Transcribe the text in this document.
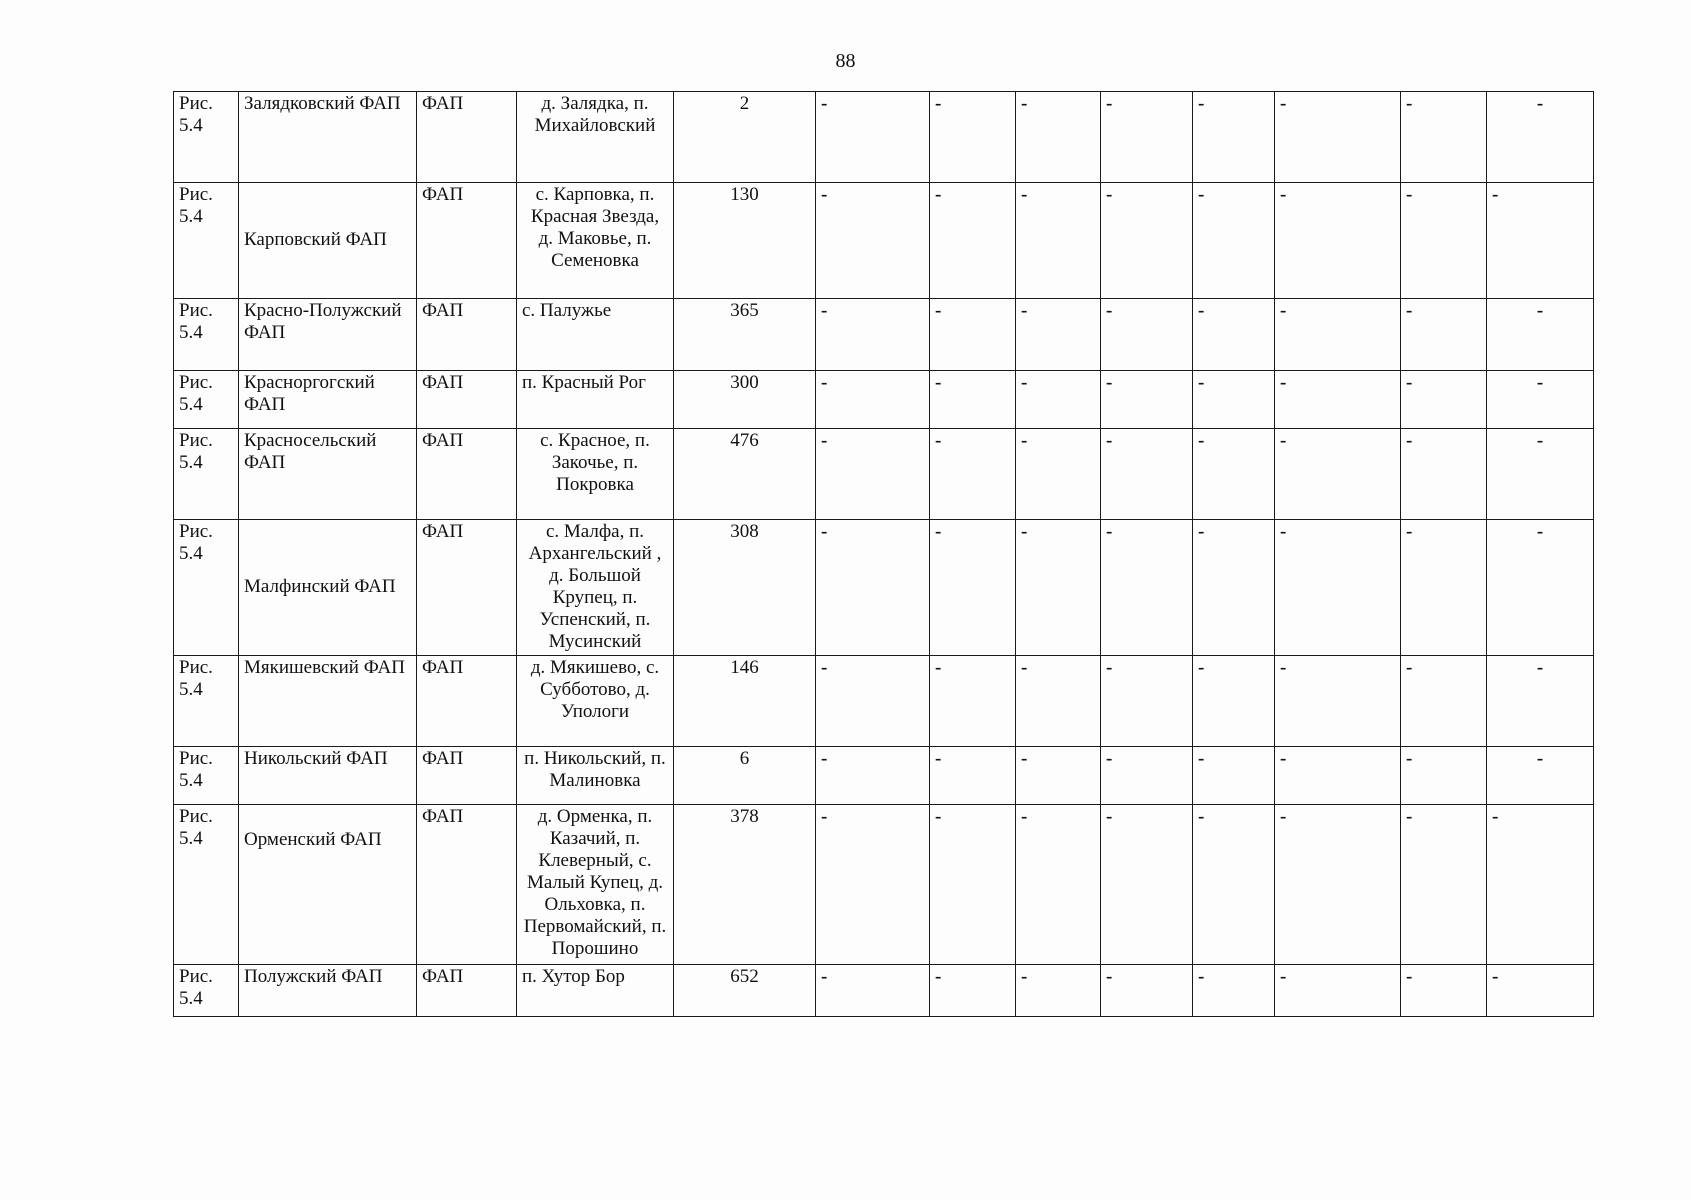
88
Рис. 5.4	Залядковский ФАП	ФАП	д. Залядка, п. Михайловский	2	-	-	-	-	-	-	-	-
Рис. 5.4	Карповский ФАП	ФАП	с. Карповка, п. Красная Звезда, д. Маковье, п. Семеновка	130	-	-	-	-	-	-	-	-
Рис. 5.4	Красно-Полужский ФАП	ФАП	с. Палужье	365	-	-	-	-	-	-	-	-
Рис. 5.4	Красноргогский ФАП	ФАП	п. Красный Рог	300	-	-	-	-	-	-	-	-
Рис. 5.4	Красносельский ФАП	ФАП	с. Красное, п. Закочье, п. Покровка	476	-	-	-	-	-	-	-	-
Рис. 5.4	Малфинский ФАП	ФАП	с. Малфа, п. Архангельский , д. Большой Крупец, п. Успенский, п. Мусинский	308	-	-	-	-	-	-	-	-
Рис. 5.4	Мякишевский ФАП	ФАП	д. Мякишево, с. Субботово, д. Упологи	146	-	-	-	-	-	-	-	-
Рис. 5.4	Никольский ФАП	ФАП	п. Никольский, п. Малиновка	6	-	-	-	-	-	-	-	-
Рис. 5.4	Орменский ФАП	ФАП	д. Орменка, п. Казачий, п. Клеверный, с. Малый Купец, д. Ольховка, п. Первомайский, п. Порошино	378	-	-	-	-	-	-	-	-
Рис. 5.4	Полужский ФАП	ФАП	п. Хутор Бор	652	-	-	-	-	-	-	-	-
